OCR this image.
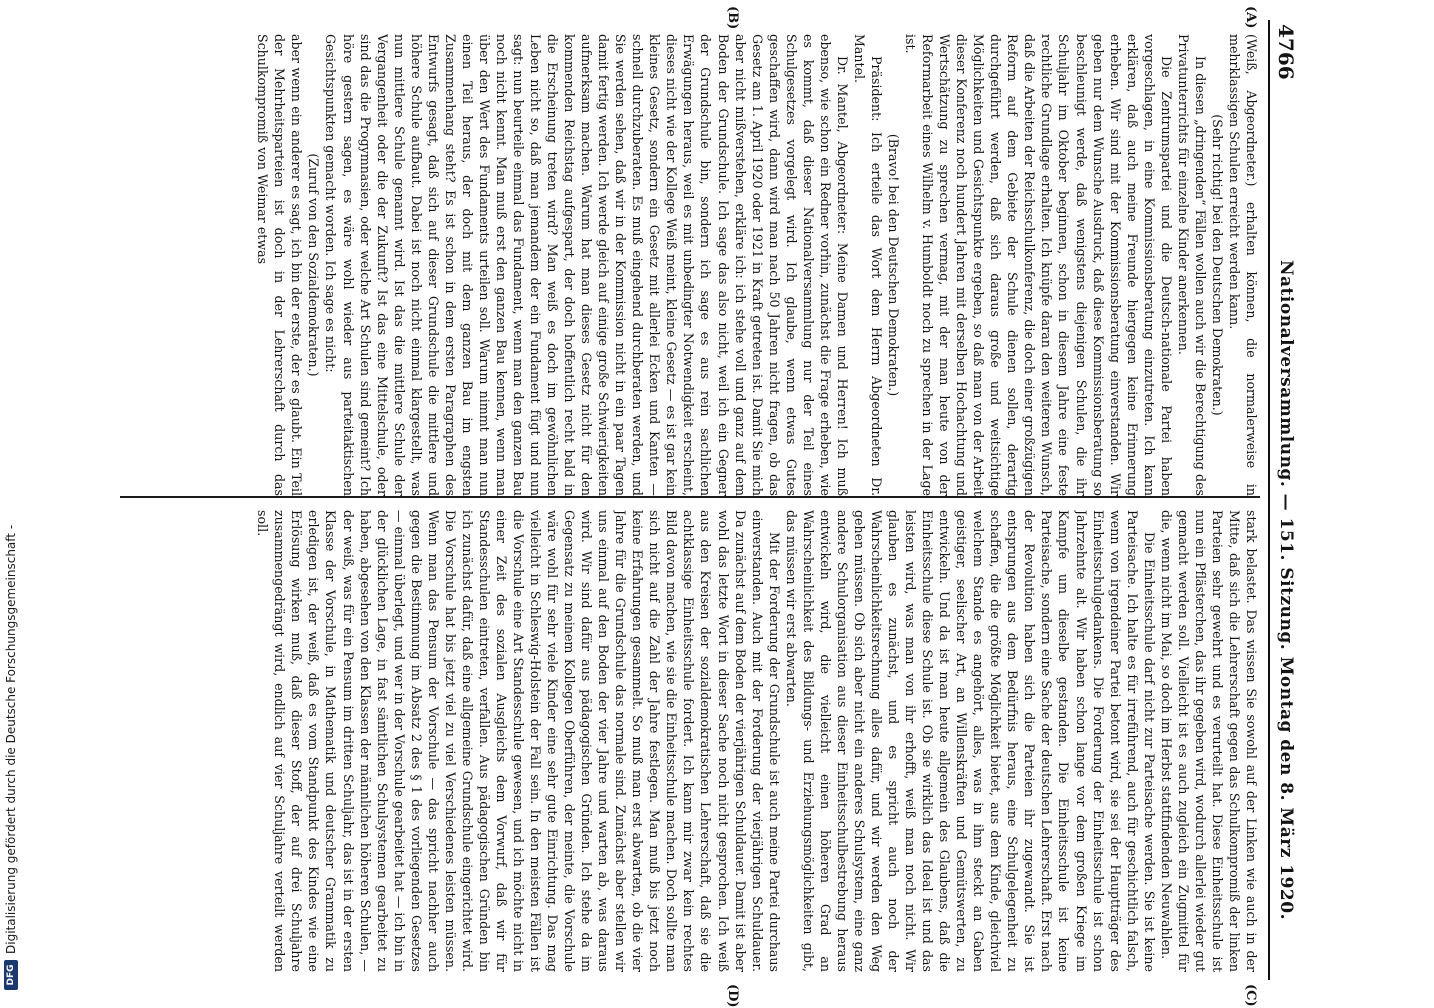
4766
Nationalversammlung. — 151. Sitzung. Montag den 8. März 1920.
(A)
(B)
(C)
(D)

(Weiß, Abgeordneter.) erhalten können, die normalerweise in mehrklassigen Schulen erreicht werden kann.

(Sehr richtig! bei den Deutschen Demokraten.)

In diesen „dringenden“ Fällen wollen auch wir die Berechtigung des Privatunterrichts für einzelne Kinder anerkennen.

Die Zentrumspartei und die Deutsch-nationale Partei haben vorgeschlagen, in eine Kommissionsberatung einzutreten. Ich kann erklären, daß auch meine Freunde hiergegen keine Erinnerung erheben. Wir sind mit der Kommissionsberatung einverstanden. Wir geben nur dem Wunsche Ausdruck, daß diese Kommissionsberatung so beschleunigt werde, daß wenigstens diejenigen Schulen, die ihr Schuljahr im Oktober beginnen, schon in diesem Jahre eine feste rechtliche Grundlage erhalten. Ich knüpfe daran den weiteren Wunsch, daß die Arbeiten der Reichsschulkonferenz, die doch einer großzügigen Reform auf dem Gebiete der Schule dienen sollen, derartig durchgeführt werden, daß sich daraus große und weitsichtige Möglichkeiten und Gesichtspunkte ergeben, so daß man von der Arbeit dieser Konferenz noch hundert Jahren mit derselben Hochachtung und Wertschätzung zu sprechen vermag, mit der man heute von der Reformarbeit eines Wilhelm v. Humboldt noch zu sprechen in der Lage ist.

(Bravo! bei den Deutschen Demokraten.)

Präsident: Ich erteile das Wort dem Herrn Abgeordneten Dr. Mantel.

Dr. Mantel, Abgeordneter: Meine Damen und Herren! Ich muß ebenso, wie schon ein Redner vorhin, zunächst die Frage erheben, wie es kommt, daß dieser Nationalversammlung nur der Teil eines Schulgesetzes vorgelegt wird. Ich glaube, wenn etwas Gutes geschaffen wird, dann wird man nach 50 Jahren nicht fragen, ob das Gesetz am 1. April 1920 oder 1921 in Kraft getreten ist. Damit Sie mich aber nicht mißverstehen, erkläre ich: ich stehe voll und ganz auf dem Boden der Grundschule. Ich sage das also nicht, weil ich ein Gegner der Grundschule bin, sondern ich sage es aus rein sachlichen Erwägungen heraus, weil es mit unbedingter Notwendigkeit erscheint, dieses nicht wie der Kollege Weiß meint, kleine Gesetz — es ist gar kein kleines Gesetz, sondern ein Gesetz mit allerlei Ecken und Kanten — schnell durchzuberaten. Es muß eingehend durchberaten werden, und Sie werden sehen, daß wir in der Kommission nicht in ein paar Tagen damit fertig werden. Ich werde gleich auf einige große Schwierigkeiten aufmerksam machen. Warum hat man dieses Gesetz nicht für den kommenden Reichstag aufgespart, der doch hoffentlich recht bald in die Erscheinung treten wird? Man weiß es doch im gewöhnlichen Leben nicht so, daß man jemandem der ein Fundament fügt und nun sagt: nun beurteile einmal das Fundament, wenn man den ganzen Bau noch nicht kennt. Man muß erst den ganzen Bau kennen, wenn man über den Wert des Fundaments urteilen soll. Warum nimmt man nun einen Teil heraus, der doch mit dem ganzen Bau im engsten Zusammenhang steht? Es ist schon in dem ersten Paragraphen des Entwurfs gesagt, daß sich auf dieser Grundschule die mittlere und höhere Schule aufbaut. Dabei ist noch nicht einmal klargestellt, was nun mittlere Schule genannt wird. Ist das die mittlere Schule der Vergangenheit oder die der Zukunft? Ist das eine Mittelschule, oder sind das die Progymnasien, oder welche Art Schulen sind gemeint? Ich höre gestern sagen, es wäre wohl wieder aus parteitaktischen Gesichtspunkten gemacht worden. Ich sage es nicht:

(Zuruf von den Sozialdemokraten.)

aber wenn ein anderer es sagt, ich bin der erste, der es glaubt. Ein Teil der Mehrheitsparteien ist doch in der Lehrerschaft durch das Schulkompromiß von Weimar etwas

stark belastet. Das wissen Sie sowohl auf der Linken wie auch in der Mitte, daß sich die Lehrerschaft gegen das Schulkompromiß der linken Parteien sehr gewehrt und es verurteilt hat. Diese Einheitsschule ist nun ein Pflästerchen, das ihr gegeben wird, wodurch allerlei wieder gut gemacht werden soll. Vielleicht ist es auch zugleich ein Zugmittel für die, wenn nicht im Mai, so doch im Herbst stattfindenden Neuwahlen.

Die Einheitsschule darf nicht zur Parteisache werden. Sie ist keine Parteisache. Ich halte es für irreführend, auch für geschichtlich falsch, wenn von irgendeiner Partei betont wird, sie sei der Hauptträger des Einheitsschulgedankens. Die Forderung der Einheitsschule ist schon Jahrzehnte alt. Wir haben schon lange vor dem großen Kriege im Kampfe um dieselbe gestanden. Die Einheitsschule ist keine Parteisache, sondern eine Sache der deutschen Lehrerschaft. Erst nach der Revolution haben sich die Parteien ihr zugewandt. Sie ist entsprungen aus dem Bedürfnis heraus, eine Schulgelegenheit zu schaffen, die die größte Möglichkeit bietet, aus dem Kinde, gleichviel welchem Stande es angehört, alles, was in ihm steckt an Gaben geistiger, seelischer Art, an Willenskräften und Gemütswerten, zu entwickeln. Und da ist man heute allgemein des Glaubens, daß die Einheitsschule diese Schule ist. Ob sie wirklich das Ideal ist und das leisten wird, was man von ihr erhofft, weiß man noch nicht. Wir glauben es zunächst, und es spricht auch noch der Wahrscheinlichkeitsrechnung alles dafür, und wir werden den Weg gehen müssen. Ob sich aber nicht ein anderes Schulsystem, eine ganz andere Schulorganisation aus dieser Einheitsschulbestrebung heraus entwickeln wird, die vielleicht einen höheren Grad an Wahrscheinlichkeit des Bildungs- und Erziehungsmöglichkeiten gibt, das müssen wir erst abwarten.

Mit der Forderung der Grundschule ist auch meine Partei durchaus einverstanden. Auch mit der Forderung der vierjährigen Schuldauer. Da zunächst auf dem Boden der vierjährigen Schuldauer. Damit ist aber wohl das letzte Wort in dieser Sache noch nicht gesprochen. Ich weiß aus den Kreisen der sozialdemokratischen Lehrerschaft, daß sie die achtklassige Einheitsschule fordert. Ich kann mir zwar kein rechtes Bild davon machen, wie sie die Einheitsschule machen. Doch sollte man sich nicht auf die Zahl der Jahre festlegen. Man muß bis jetzt noch keine Erfahrungen gesammelt. So muß man erst abwarten, ob die vier Jahre für die Grundschule das normale sind. Zunächst aber stellen wir uns einmal auf den Boden der vier Jahre und warten ab, was daraus wird. Wir sind dafür aus pädagogischen Gründen. Ich stehe da im Gegensatz zu meinem Kollegen Oberführen, der meinte, die Vorschule wäre wohl für sehr viele Kinder eine sehr gute Einrichtung. Das mag vielleicht in Schleswig-Holstein der Fall sein. In den meisten Fällen ist die Vorschule eine Art Standesschule gewesen, und ich möchte nicht in einer Zeit des sozialen Ausgleichs dem Vorwurf, daß wir für Standesschulen eintreten, verfallen. Aus pädagogischen Gründen bin ich zunächst dafür, daß eine allgemeine Grundschule eingerichtet wird. Die Vorschule hat bis jetzt viel zu viel Verschiedenes leisten müssen. Wenn man das Pensum der Vorschule — das spricht nachher auch gegen die Bestimmung im Absatz 2 des § 1 des vorliegenden Gesetzes — einmal überlegt, und wer in der Vorschule gearbeitet hat — ich bin in der glücklichen Lage, in fast sämtlichen Schulsystemen gearbeitet zu haben, abgesehen von den Klassen der männlichen höheren Schulen, — der weiß, was für ein Pensum im dritten Schuljahr, das ist in der ersten Klasse der Vorschule, in Mathematik und deutscher Grammatik zu erledigen ist, der weiß, daß es vom Standpunkt des Kindes wie eine Erlösung wirken muß, daß dieser Stoff, der auf drei Schuljahre zusammengedrängt wird, endlich auf vier Schuljahre verteilt werden soll.

DFG
Digitalisierung gefördert durch die Deutsche Forschungsgemeinschaft -
